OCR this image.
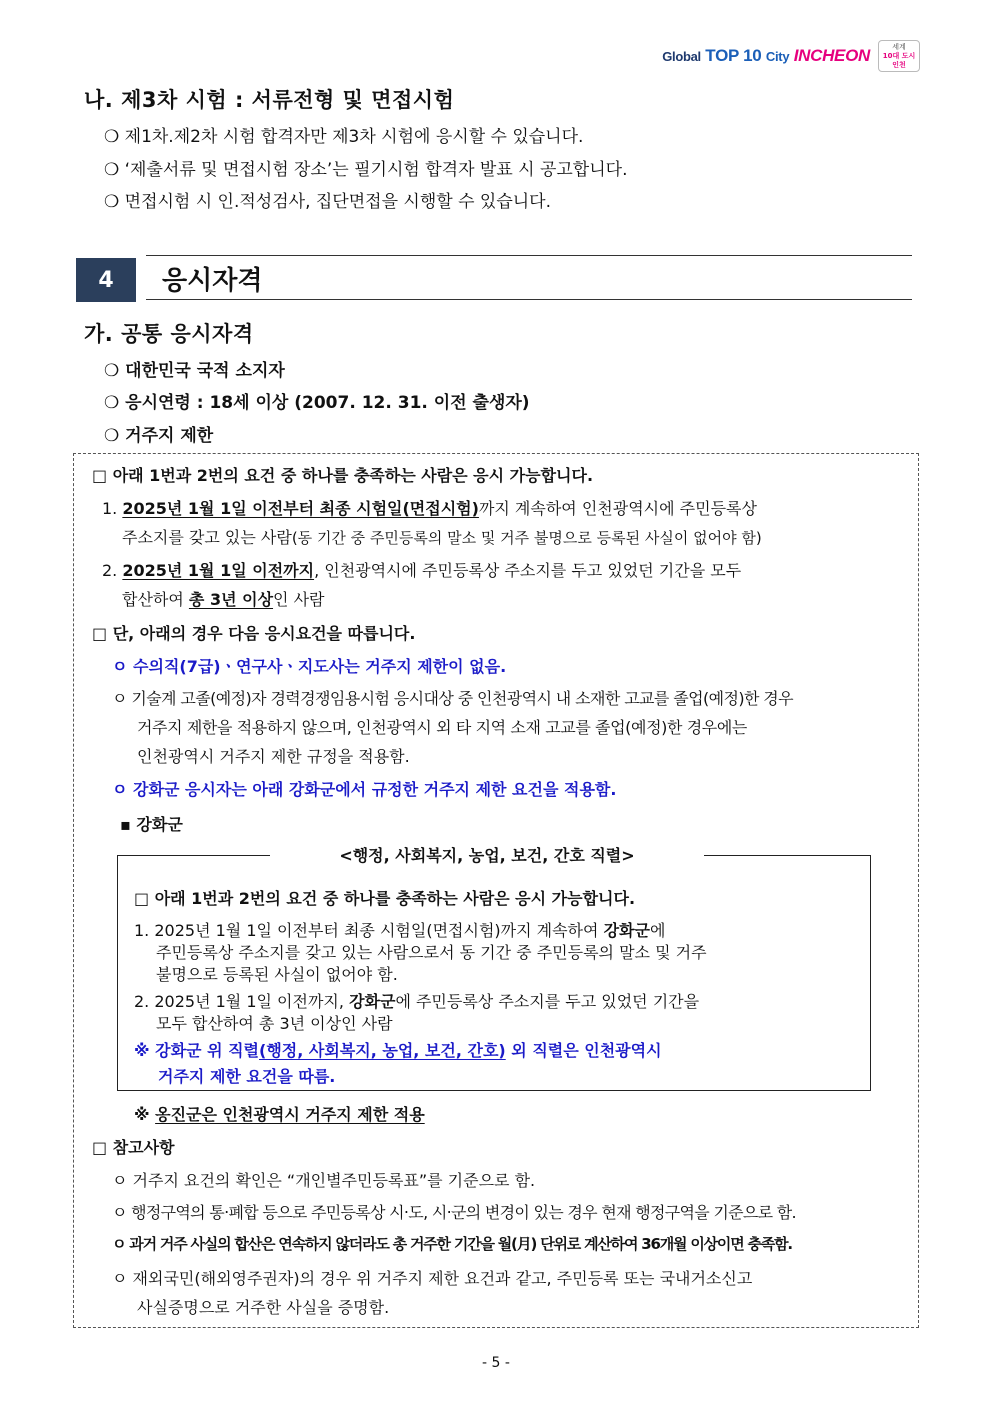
Global TOP 10 City INCHEON	세계
10대 도시
인천
나. 제3차 시험 : 서류전형 및 면접시험
❍ 제1차.제2차 시험 합격자만 제3차 시험에 응시할 수 있습니다.
❍ ‘제출서류 및 면접시험 장소’는 필기시험 합격자 발표 시 공고합니다.
❍ 면접시험 시 인.적성검사, 집단면접을 시행할 수 있습니다.
4	응시자격
가. 공통 응시자격
❍ 대한민국 국적 소지자
❍ 응시연령 : 18세 이상 (2007. 12. 31. 이전 출생자)
❍ 거주지 제한
□ 아래 1번과 2번의 요건 중 하나를 충족하는 사람은 응시 가능합니다.
1. 2025년 1월 1일 이전부터 최종 시험일(면접시험)까지 계속하여 인천광역시에 주민등록상
주소지를 갖고 있는 사람(동 기간 중 주민등록의 말소 및 거주 불명으로 등록된 사실이 없어야 함)
2. 2025년 1월 1일 이전까지, 인천광역시에 주민등록상 주소지를 두고 있었던 기간을 모두
합산하여 총 3년 이상인 사람
□ 단, 아래의 경우 다음 응시요건을 따릅니다.
ㅇ 수의직(7급)ㆍ연구사ㆍ지도사는 거주지 제한이 없음.
ㅇ 기술계 고졸(예정)자 경력경쟁임용시험 응시대상 중 인천광역시 내 소재한 고교를 졸업(예정)한 경우
거주지 제한을 적용하지 않으며, 인천광역시 외 타 지역 소재 고교를 졸업(예정)한 경우에는
인천광역시 거주지 제한 규정을 적용함.
ㅇ 강화군 응시자는 아래 강화군에서 규정한 거주지 제한 요건을 적용함.
▪ 강화군
<행정, 사회복지, 농업, 보건, 간호 직렬>
□ 아래 1번과 2번의 요건 중 하나를 충족하는 사람은 응시 가능합니다.
1. 2025년 1월 1일 이전부터 최종 시험일(면접시험)까지 계속하여 강화군에
주민등록상 주소지를 갖고 있는 사람으로서 동 기간 중 주민등록의 말소 및 거주
불명으로 등록된 사실이 없어야 함.
2. 2025년 1월 1일 이전까지, 강화군에 주민등록상 주소지를 두고 있었던 기간을
모두 합산하여 총 3년 이상인 사람
※ 강화군 위 직렬(행정, 사회복지, 농업, 보건, 간호) 외 직렬은 인천광역시
거주지 제한 요건을 따름.
※ 옹진군은 인천광역시 거주지 제한 적용
□ 참고사항
ㅇ 거주지 요건의 확인은 “개인별주민등록표”를 기준으로 함.
ㅇ 행정구역의 통‧폐합 등으로 주민등록상 시‧도, 시‧군의 변경이 있는 경우 현재 행정구역을 기준으로 함.
ㅇ 과거 거주 사실의 합산은 연속하지 않더라도 총 거주한 기간을 월(月) 단위로 계산하여 36개월 이상이면 충족함.
ㅇ 재외국민(해외영주권자)의 경우 위 거주지 제한 요건과 같고, 주민등록 또는 국내거소신고
사실증명으로 거주한 사실을 증명함.
- 5 -
